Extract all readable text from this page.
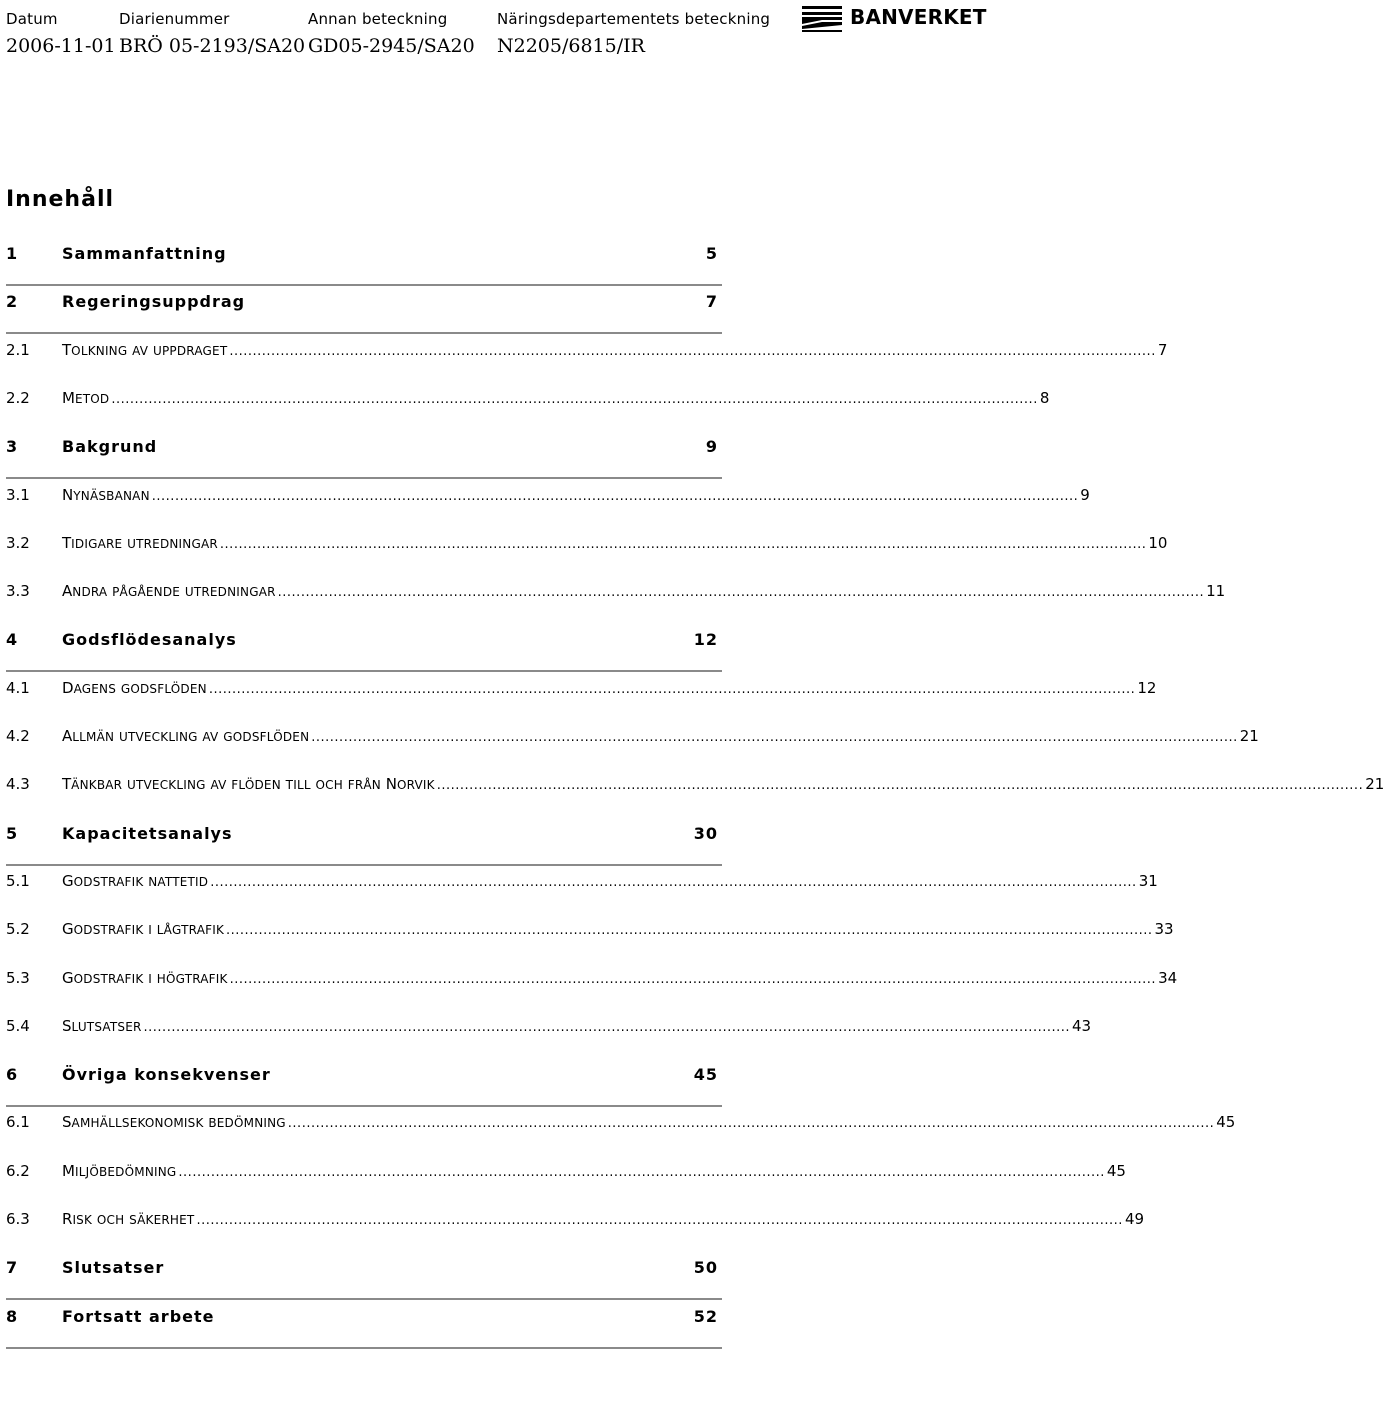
Datum
2006-11-01
Diarienummer
BRÖ 05-2193/SA20
Annan beteckning
GD05-2945/SA20
Näringsdepartementets beteckning
N2205/6815/IR
BANVERKET
Innehåll
1	Sammanfattning	5
2	Regeringsuppdrag	7
2.1	TOLKNING AV UPPDRAGET ........................................................................................................................................................................................................ 7
2.2	METOD ........................................................................................................................................................................................................ 8
3	Bakgrund	9
3.1	NYNÄSBANAN ........................................................................................................................................................................................................ 9
3.2	TIDIGARE UTREDNINGAR ........................................................................................................................................................................................................ 10
3.3	ANDRA PÅGÅENDE UTREDNINGAR ........................................................................................................................................................................................................ 11
4	Godsflödesanalys	12
4.1	DAGENS GODSFLÖDEN ........................................................................................................................................................................................................ 12
4.2	ALLMÄN UTVECKLING AV GODSFLÖDEN ........................................................................................................................................................................................................ 21
4.3	TÄNKBAR UTVECKLING AV FLÖDEN TILL OCH FRÅN NORVIK ........................................................................................................................................................................................................ 21
5	Kapacitetsanalys	30
5.1	GODSTRAFIK NATTETID ........................................................................................................................................................................................................ 31
5.2	GODSTRAFIK I LÅGTRAFIK ........................................................................................................................................................................................................ 33
5.3	GODSTRAFIK I HÖGTRAFIK ........................................................................................................................................................................................................ 34
5.4	SLUTSATSER ........................................................................................................................................................................................................ 43
6	Övriga konsekvenser	45
6.1	SAMHÄLLSEKONOMISK BEDÖMNING ........................................................................................................................................................................................................ 45
6.2	MILJÖBEDÖMNING ........................................................................................................................................................................................................ 45
6.3	RISK OCH SÄKERHET ........................................................................................................................................................................................................ 49
7	Slutsatser	50
8	Fortsatt arbete	52
